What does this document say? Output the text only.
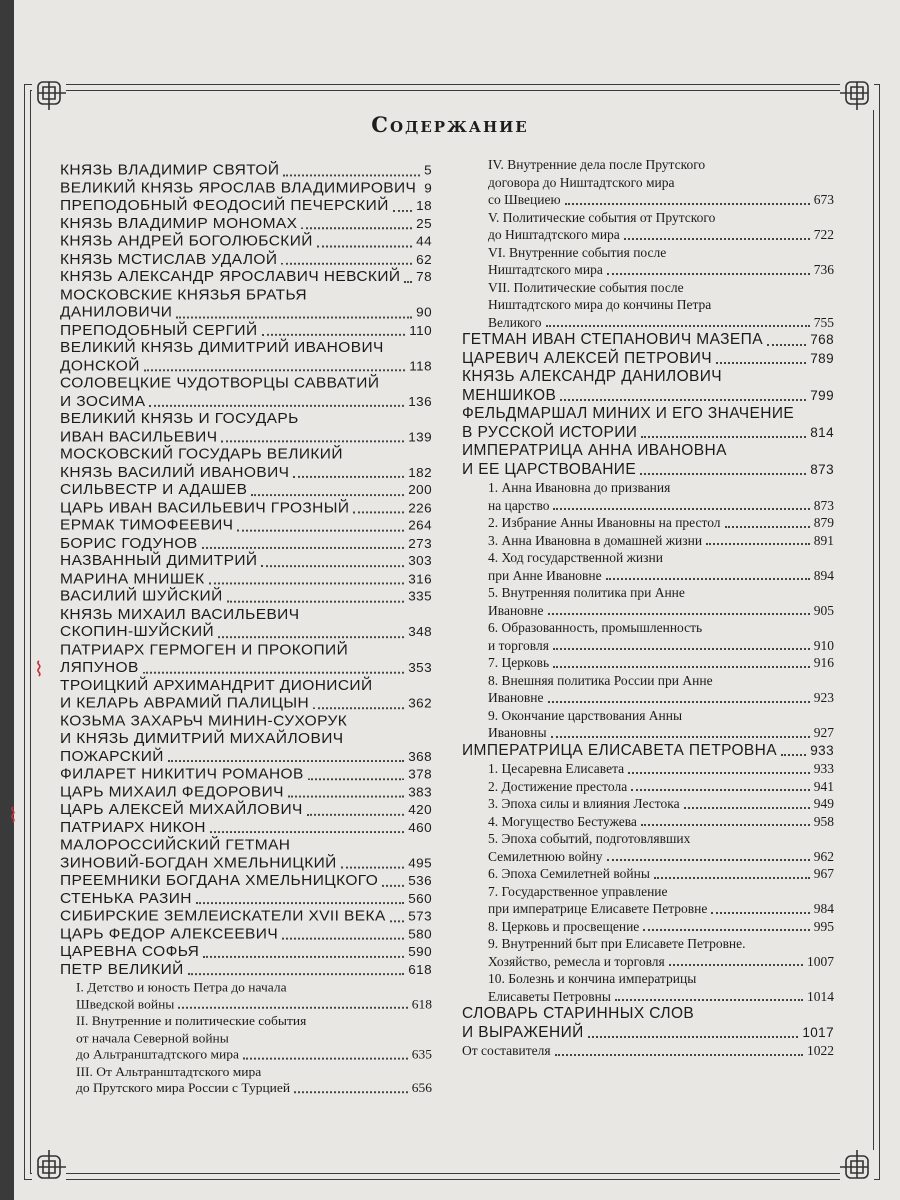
Содержание
КНЯЗЬ ВЛАДИМИР СВЯТОЙ	5
ВЕЛИКИЙ КНЯЗЬ ЯРОСЛАВ ВЛАДИМИРОВИЧ 9
ПРЕПОДОБНЫЙ ФЕОДОСИЙ ПЕЧЕРСКИЙ 18
КНЯЗЬ ВЛАДИМИР МОНОМАХ	25
КНЯЗЬ АНДРЕЙ БОГОЛЮБСКИЙ	44
КНЯЗЬ МСТИСЛАВ УДАЛОЙ	62
КНЯЗЬ АЛЕКСАНДР ЯРОСЛАВИЧ НЕВСКИЙ 78
МОСКОВСКИЕ КНЯЗЬЯ БРАТЬЯ
ДАНИЛОВИЧИ	90
ПРЕПОДОБНЫЙ СЕРГИЙ	110
ВЕЛИКИЙ КНЯЗЬ ДИМИТРИЙ ИВАНОВИЧ
ДОНСКОЙ	118
СОЛОВЕЦКИЕ ЧУДОТВОРЦЫ САВВАТИЙ
И ЗОСИМА	136
ВЕЛИКИЙ КНЯЗЬ И ГОСУДАРЬ
ИВАН ВАСИЛЬЕВИЧ	139
МОСКОВСКИЙ ГОСУДАРЬ ВЕЛИКИЙ
КНЯЗЬ ВАСИЛИЙ ИВАНОВИЧ	182
СИЛЬВЕСТР И АДАШЕВ	200
ЦАРЬ ИВАН ВАСИЛЬЕВИЧ ГРОЗНЫЙ	226
ЕРМАК ТИМОФЕЕВИЧ	264
БОРИС ГОДУНОВ	273
НАЗВАННЫЙ ДИМИТРИЙ	303
МАРИНА МНИШЕК	316
ВАСИЛИЙ ШУЙСКИЙ	335
КНЯЗЬ МИХАИЛ ВАСИЛЬЕВИЧ
СКОПИН-ШУЙСКИЙ	348
ПАТРИАРХ ГЕРМОГЕН И ПРОКОПИЙ
ЛЯПУНОВ	353
ТРОИЦКИЙ АРХИМАНДРИТ ДИОНИСИЙ
И КЕЛАРЬ АВРАМИЙ ПАЛИЦЫН	362
КОЗЬМА ЗАХАРЬЧ МИНИН-СУХОРУК
И КНЯЗЬ ДИМИТРИЙ МИХАЙЛОВИЧ
ПОЖАРСКИЙ	368
ФИЛАРЕТ НИКИТИЧ РОМАНОВ	378
ЦАРЬ МИХАИЛ ФЕДОРОВИЧ	383
ЦАРЬ АЛЕКСЕЙ МИХАЙЛОВИЧ	420
ПАТРИАРХ НИКОН	460
МАЛОРОССИЙСКИЙ ГЕТМАН
ЗИНОВИЙ-БОГДАН ХМЕЛЬНИЦКИЙ	495
ПРЕЕМНИКИ БОГДАНА ХМЕЛЬНИЦКОГО 536
СТЕНЬКА РАЗИН	560
СИБИРСКИЕ ЗЕМЛЕИСКАТЕЛИ XVII ВЕКА 573
ЦАРЬ ФЕДОР АЛЕКСЕЕВИЧ	580
ЦАРЕВНА СОФЬЯ	590
ПЕТР ВЕЛИКИЙ	618
I. Детство и юность Петра до начала
Шведской войны	618
II. Внутренние и политические события
от начала Северной войны
до Альтранштадтского мира	635
III. От Альтранштадтского мира
до Прутского мира России с Турцией	656
IV. Внутренние дела после Прутского
договора до Ништадтского мира
со Швециею	673
V. Политические события от Прутского
до Ништадтского мира	722
VI. Внутренние события после
Ништадтского мира	736
VII. Политические события после
Ништадтского мира до кончины Петра
Великого	755
ГЕТМАН ИВАН СТЕПАНОВИЧ МАЗЕПА	768
ЦАРЕВИЧ АЛЕКСЕЙ ПЕТРОВИЧ	789
КНЯЗЬ АЛЕКСАНДР ДАНИЛОВИЧ
МЕНШИКОВ	799
ФЕЛЬДМАРШАЛ МИНИХ И ЕГО ЗНАЧЕНИЕ
В РУССКОЙ ИСТОРИИ	814
ИМПЕРАТРИЦА АННА ИВАНОВНА
И ЕЕ ЦАРСТВОВАНИЕ	873
1. Анна Ивановна до призвания
на царство	873
2. Избрание Анны Ивановны на престол	879
3. Анна Ивановна в домашней жизни	891
4. Ход государственной жизни
при Анне Ивановне	894
5. Внутренняя политика при Анне
Ивановне	905
6. Образованность, промышленность
и торговля	910
7. Церковь	916
8. Внешняя политика России при Анне
Ивановне	923
9. Окончание царствования Анны
Ивановны	927
ИМПЕРАТРИЦА ЕЛИСАВЕТА ПЕТРОВНА 933
1. Цесаревна Елисавета	933
2. Достижение престола	941
3. Эпоха силы и влияния Лестока	949
4. Могущество Бестужева	958
5. Эпоха событий, подготовлявших
Семилетнюю войну	962
6. Эпоха Семилетней войны	967
7. Государственное управление
при императрице Елисавете Петровне	984
8. Церковь и просвещение	995
9. Внутренний быт при Елисавете Петровне.
Хозяйство, ремесла и торговля	1007
10. Болезнь и кончина императрицы
Елисаветы Петровны	1014
СЛОВАРЬ СТАРИННЫХ СЛОВ
И ВЫРАЖЕНИЙ	1017
От составителя	1022
⌇
⌇
